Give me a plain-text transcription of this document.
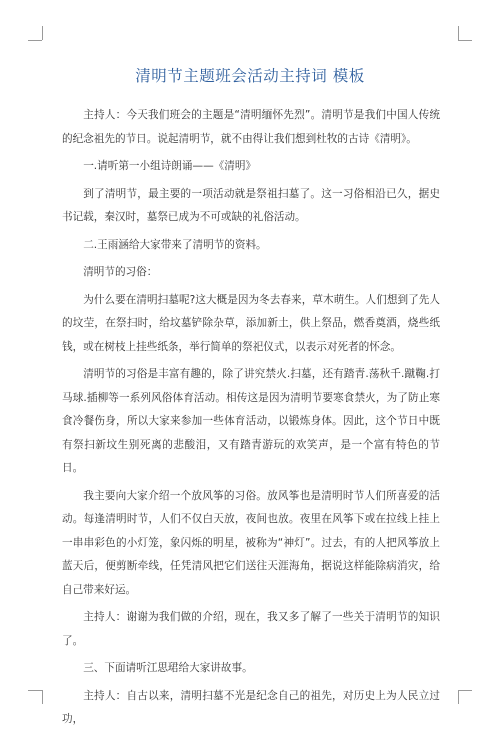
清明节主题班会活动主持词 模板

主持人：今天我们班会的主题是“清明缅怀先烈”。清明节是我们中国人传统的纪念祖先的节日。说起清明节，就不由得让我们想到杜牧的古诗《清明》。

一.请听第一小组诗朗诵——《清明》

到了清明节，最主要的一项活动就是祭祖扫墓了。这一习俗相沿已久，据史书记载，秦汉时，墓祭已成为不可或缺的礼俗活动。

二.王雨涵给大家带来了清明节的资料。

清明节的习俗：

为什么要在清明扫墓呢?这大概是因为冬去春来，草木萌生。人们想到了先人的坟茔，在祭扫时，给坟墓铲除杂草，添加新土，供上祭品，燃香奠酒，烧些纸钱，或在树枝上挂些纸条，举行简单的祭祀仪式，以表示对死者的怀念。

清明节的习俗是丰富有趣的，除了讲究禁火.扫墓，还有踏青.荡秋千.蹴鞠.打马球.插柳等一系列风俗体育活动。相传这是因为清明节要寒食禁火，为了防止寒食冷餐伤身，所以大家来参加一些体育活动，以锻炼身体。因此，这个节日中既有祭扫新坟生别死离的悲酸泪，又有踏青游玩的欢笑声，是一个富有特色的节日。

我主要向大家介绍一个放风筝的习俗。放风筝也是清明时节人们所喜爱的活动。每逢清明时节，人们不仅白天放，夜间也放。夜里在风筝下或在拉线上挂上一串串彩色的小灯笼，象闪烁的明星，被称为“神灯”。过去，有的人把风筝放上蓝天后，便剪断牵线，任凭清风把它们送往天涯海角，据说这样能除病消灾，给自己带来好运。

主持人：谢谢为我们做的介绍，现在，我又多了解了一些关于清明节的知识了。

三、下面请听江思珺给大家讲故事。

主持人：自古以来，清明扫墓不光是纪念自己的祖先，对历史上为人民立过功，
